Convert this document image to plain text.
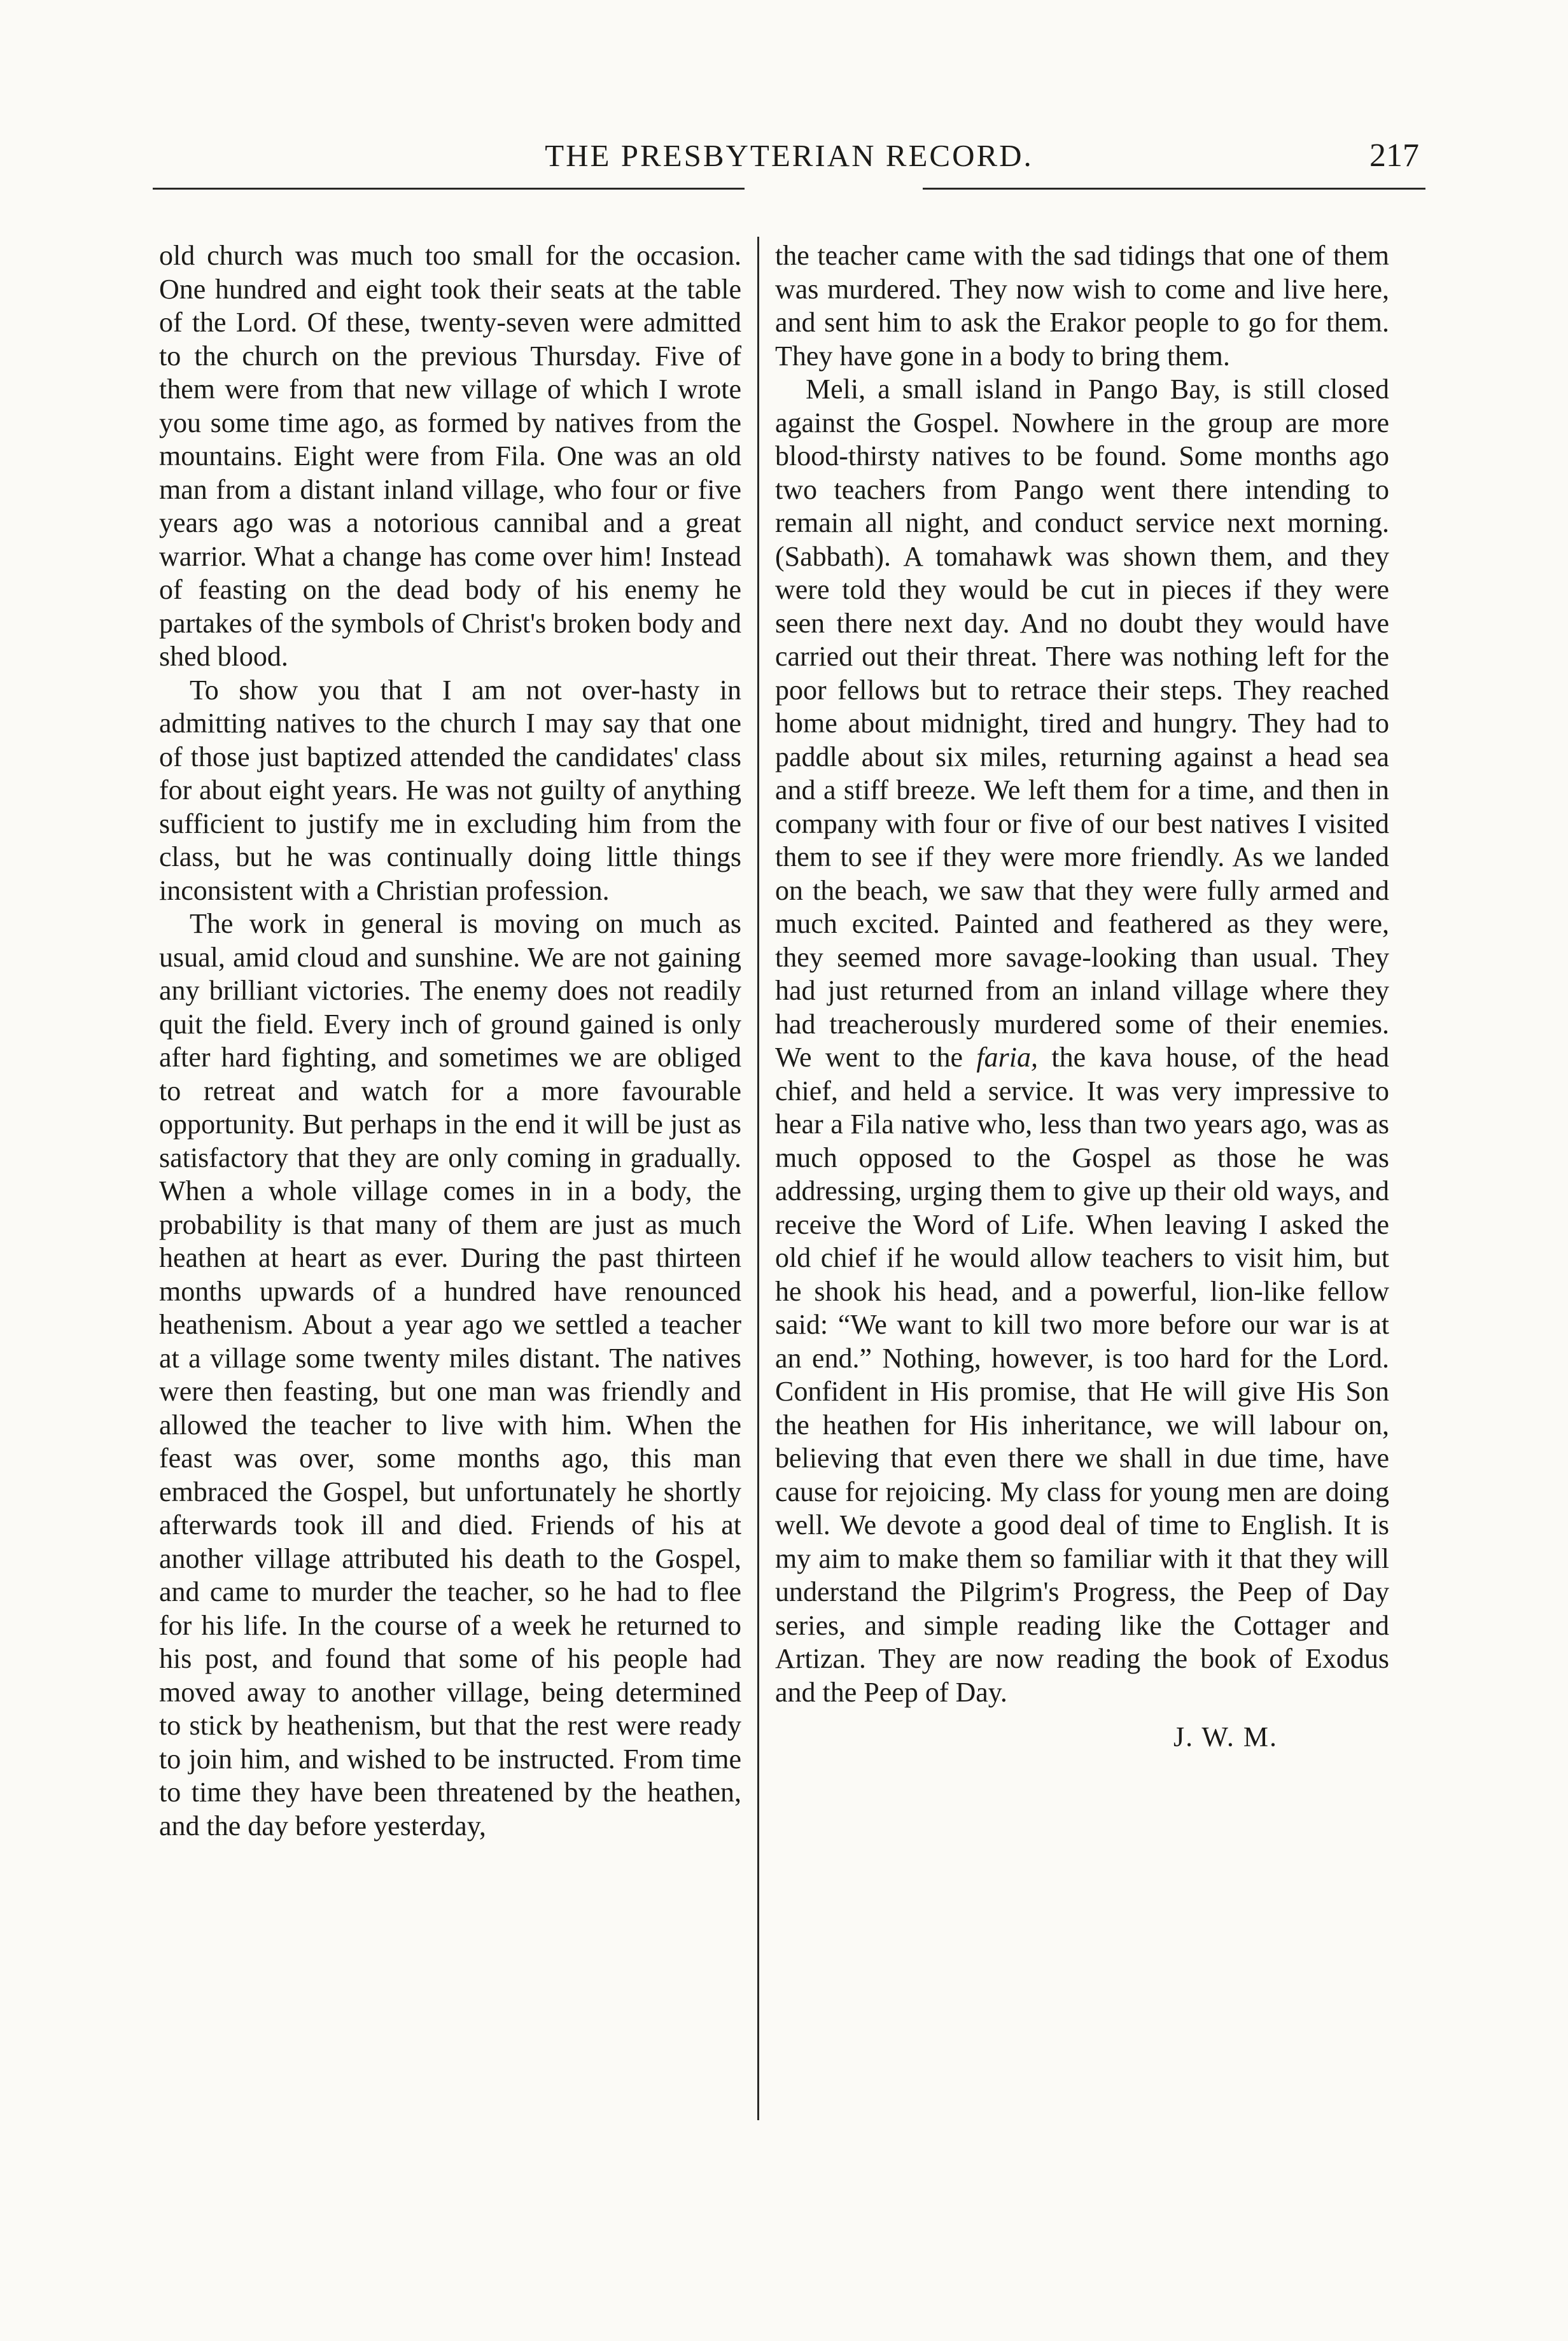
THE PRESBYTERIAN RECORD.	217

old church was much too small for the occasion. One hundred and eight took their seats at the table of the Lord. Of these, twenty-seven were admitted to the church on the previous Thursday. Five of them were from that new village of which I wrote you some time ago, as formed by natives from the mountains. Eight were from Fila. One was an old man from a distant inland village, who four or five years ago was a notorious cannibal and a great warrior. What a change has come over him! Instead of feasting on the dead body of his enemy he partakes of the symbols of Christ's broken body and shed blood.

To show you that I am not over-hasty in admitting natives to the church I may say that one of those just baptized attended the candidates' class for about eight years. He was not guilty of anything sufficient to justify me in excluding him from the class, but he was continually doing little things inconsistent with a Christian profession.

The work in general is moving on much as usual, amid cloud and sunshine. We are not gaining any brilliant victories. The enemy does not readily quit the field. Every inch of ground gained is only after hard fighting, and sometimes we are obliged to retreat and watch for a more favourable opportunity. But perhaps in the end it will be just as satisfactory that they are only coming in gradually. When a whole village comes in in a body, the probability is that many of them are just as much heathen at heart as ever. During the past thirteen months upwards of a hundred have renounced heathenism. About a year ago we settled a teacher at a village some twenty miles distant. The natives were then feasting, but one man was friendly and allowed the teacher to live with him. When the feast was over, some months ago, this man embraced the Gospel, but unfortunately he shortly afterwards took ill and died. Friends of his at another village attributed his death to the Gospel, and came to murder the teacher, so he had to flee for his life. In the course of a week he returned to his post, and found that some of his people had moved away to another village, being determined to stick by heathenism, but that the rest were ready to join him, and wished to be instructed. From time to time they have been threatened by the heathen, and the day before yesterday,

the teacher came with the sad tidings that one of them was murdered. They now wish to come and live here, and sent him to ask the Erakor people to go for them. They have gone in a body to bring them.

Meli, a small island in Pango Bay, is still closed against the Gospel. Nowhere in the group are more blood-thirsty natives to be found. Some months ago two teachers from Pango went there intending to remain all night, and conduct service next morning. (Sabbath). A tomahawk was shown them, and they were told they would be cut in pieces if they were seen there next day. And no doubt they would have carried out their threat. There was nothing left for the poor fellows but to retrace their steps. They reached home about midnight, tired and hungry. They had to paddle about six miles, returning against a head sea and a stiff breeze. We left them for a time, and then in company with four or five of our best natives I visited them to see if they were more friendly. As we landed on the beach, we saw that they were fully armed and much excited. Painted and feathered as they were, they seemed more savage-looking than usual. They had just returned from an inland village where they had treacherously murdered some of their enemies. We went to the faria, the kava house, of the head chief, and held a service. It was very impressive to hear a Fila native who, less than two years ago, was as much opposed to the Gospel as those he was addressing, urging them to give up their old ways, and receive the Word of Life. When leaving I asked the old chief if he would allow teachers to visit him, but he shook his head, and a powerful, lion-like fellow said: “We want to kill two more before our war is at an end.” Nothing, however, is too hard for the Lord. Confident in His promise, that He will give His Son the heathen for His inheritance, we will labour on, believing that even there we shall in due time, have cause for rejoicing. My class for young men are doing well. We devote a good deal of time to English. It is my aim to make them so familiar with it that they will understand the Pilgrim's Progress, the Peep of Day series, and simple reading like the Cottager and Artizan. They are now reading the book of Exodus and the Peep of Day.

J. W. M.
